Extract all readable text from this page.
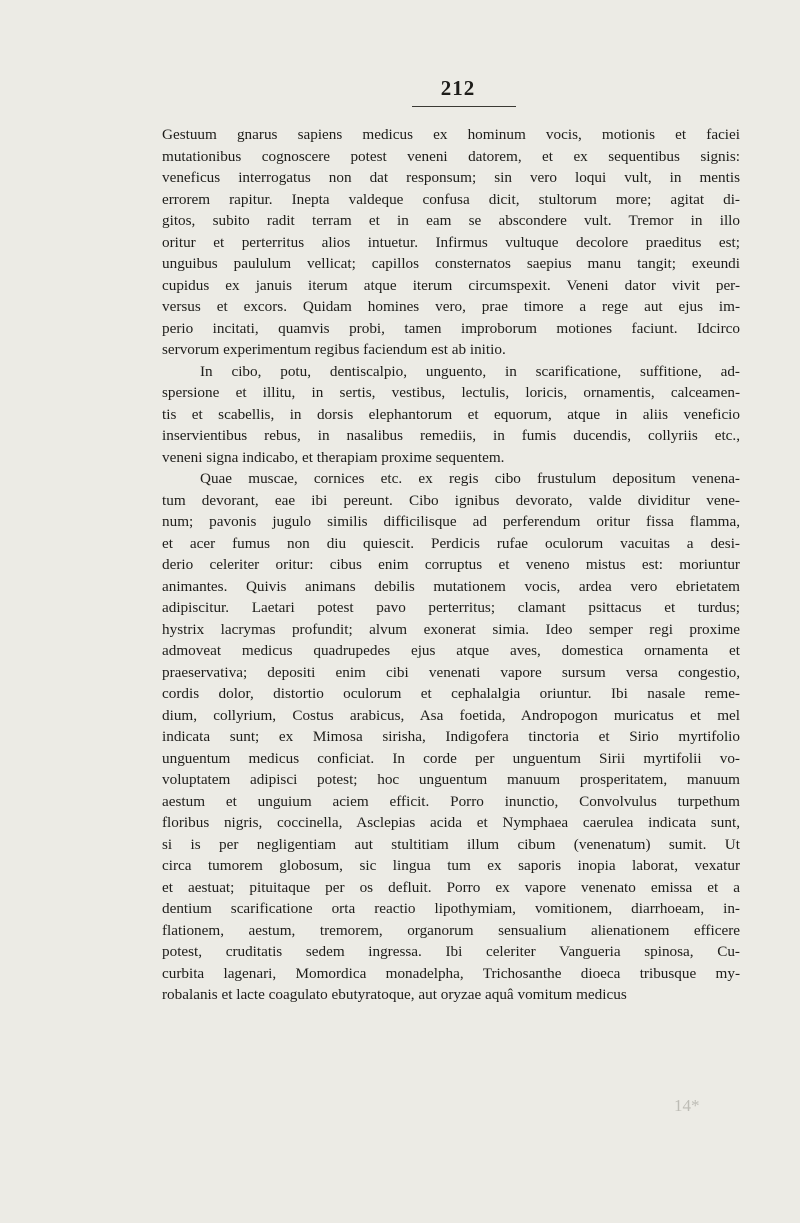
212
Gestuum gnarus sapiens medicus ex hominum vocis, motionis et faciei
mutationibus cognoscere potest veneni datorem, et ex sequentibus signis:
veneficus interrogatus non dat responsum; sin vero loqui vult, in mentis
errorem rapitur. Inepta valdeque confusa dicit, stultorum more; agitat di-
gitos, subito radit terram et in eam se abscondere vult. Tremor in illo
oritur et perterritus alios intuetur. Infirmus vultuque decolore praeditus est;
unguibus paululum vellicat; capillos consternatos saepius manu tangit; exeundi
cupidus ex januis iterum atque iterum circumspexit. Veneni dator vivit per-
versus et excors. Quidam homines vero, prae timore a rege aut ejus im-
perio incitati, quamvis probi, tamen improborum motiones faciunt. Idcirco
servorum experimentum regibus faciendum est ab initio.
In cibo, potu, dentiscalpio, unguento, in scarificatione, suffitione, ad-
spersione et illitu, in sertis, vestibus, lectulis, loricis, ornamentis, calceamen-
tis et scabellis, in dorsis elephantorum et equorum, atque in aliis veneficio
inservientibus rebus, in nasalibus remediis, in fumis ducendis, collyriis etc.,
veneni signa indicabo, et therapiam proxime sequentem.
Quae muscae, cornices etc. ex regis cibo frustulum depositum venena-
tum devorant, eae ibi pereunt. Cibo ignibus devorato, valde dividitur vene-
num; pavonis jugulo similis difficilisque ad perferendum oritur fissa flamma,
et acer fumus non diu quiescit. Perdicis rufae oculorum vacuitas a desi-
derio celeriter oritur: cibus enim corruptus et veneno mistus est: moriuntur
animantes. Quivis animans debilis mutationem vocis, ardea vero ebrietatem
adipiscitur. Laetari potest pavo perterritus; clamant psittacus et turdus;
hystrix lacrymas profundit; alvum exonerat simia. Ideo semper regi proxime
admoveat medicus quadrupedes ejus atque aves, domestica ornamenta et
praeservativa; depositi enim cibi venenati vapore sursum versa congestio,
cordis dolor, distortio oculorum et cephalalgia oriuntur. Ibi nasale reme-
dium, collyrium, Costus arabicus, Asa foetida, Andropogon muricatus et mel
indicata sunt; ex Mimosa sirisha, Indigofera tinctoria et Sirio myrtifolio
unguentum medicus conficiat. In corde per unguentum Sirii myrtifolii vo-
voluptatem adipisci potest; hoc unguentum manuum prosperitatem, manuum
aestum et unguium aciem efficit. Porro inunctio, Convolvulus turpethum
floribus nigris, coccinella, Asclepias acida et Nymphaea caerulea indicata sunt,
si is per negligentiam aut stultitiam illum cibum (venenatum) sumit. Ut
circa tumorem globosum, sic lingua tum ex saporis inopia laborat, vexatur
et aestuat; pituitaque per os defluit. Porro ex vapore venenato emissa et a
dentium scarificatione orta reactio lipothymiam, vomitionem, diarrhoeam, in-
flationem, aestum, tremorem, organorum sensualium alienationem efficere
potest, cruditatis sedem ingressa. Ibi celeriter Vangueria spinosa, Cu-
curbita lagenari, Momordica monadelpha, Trichosanthe dioeca tribusque my-
robalanis et lacte coagulato ebutyratoque, aut oryzae aquâ vomitum medicus
14*
